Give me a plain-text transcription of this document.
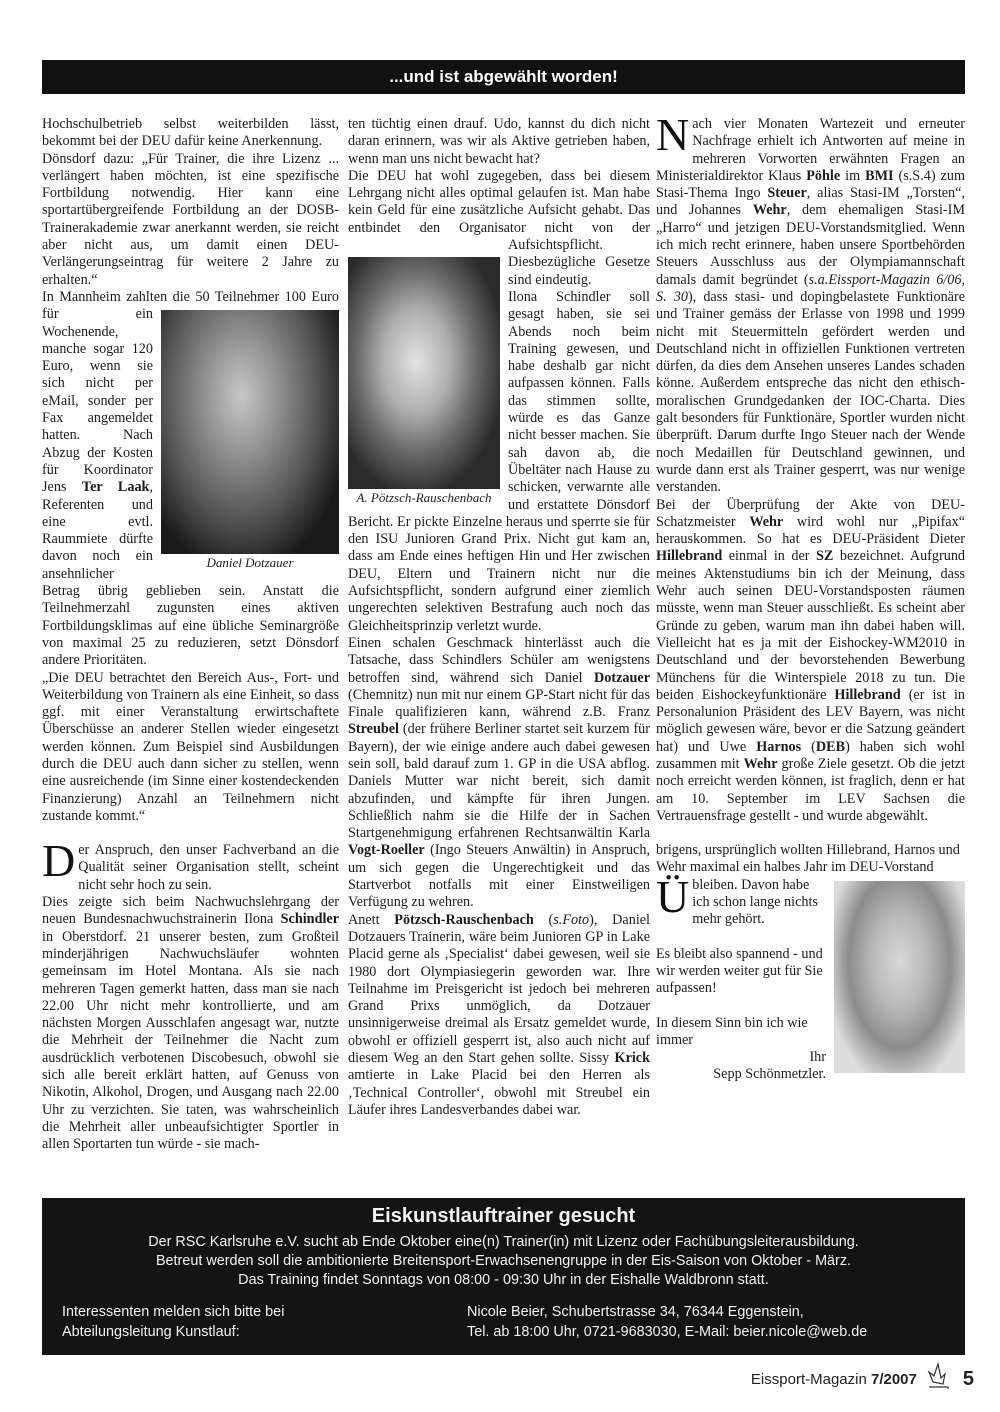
...und ist abgewählt worden!

Hochschulbetrieb selbst weiterbilden lässt, bekommt bei der DEU dafür keine Anerkennung.

Dönsdorf dazu: „Für Trainer, die ihre Lizenz ... verlängert haben möchten, ist eine spezifische Fortbildung notwendig. Hier kann eine sportartübergreifende Fortbildung an der DOSB-Trainerakademie zwar anerkannt werden, sie reicht aber nicht aus, um damit einen DEU- Verlängerungseintrag für weitere 2 Jahre zu erhalten.“

Daniel Dotzauer

In Mannheim zahlten die 50 Teilnehmer 100 Euro für ein Wochenende, manche sogar 120 Euro, wenn sie sich nicht per eMail, sonder per Fax angemeldet hatten. Nach Abzug der Kosten für Koordinator Jens Ter Laak, Referenten und eine evtl. Raummiete dürfte davon noch ein ansehnlicher Betrag übrig geblieben sein. Anstatt die Teilnehmerzahl zugunsten eines aktiven Fortbildungsklimas auf eine übliche Seminargröße von maximal 25 zu reduzieren, setzt Dönsdorf andere Prioritäten.

„Die DEU betrachtet den Bereich Aus-, Fort- und Weiterbildung von Trainern als eine Einheit, so dass ggf. mit einer Veranstaltung erwirtschaftete Überschüsse an anderer Stellen wieder eingesetzt werden können. Zum Beispiel sind Ausbildungen durch die DEU auch dann sicher zu stellen, wenn eine ausreichende (im Sinne einer kostendeckenden Finanzierung) Anzahl an Teilnehmern nicht zustande kommt.“

Der Anspruch, den unser Fachverband an die Qualität seiner Organisation stellt, scheint nicht sehr hoch zu sein.

Dies zeigte sich beim Nachwuchslehrgang der neuen Bundesnachwuchstrainerin Ilona Schindler in Oberstdorf. 21 unserer besten, zum Großteil minderjährigen Nachwuchsläufer wohnten gemeinsam im Hotel Montana. Als sie nach mehreren Tagen gemerkt hatten, dass man sie nach 22.00 Uhr nicht mehr kontrollierte, und am nächsten Morgen Ausschlafen angesagt war, nutzte die Mehrheit der Teilnehmer die Nacht zum ausdrücklich verbotenen Discobesuch, obwohl sie sich alle bereit erklärt hatten, auf Genuss von Nikotin, Alkohol, Drogen, und Ausgang nach 22.00 Uhr zu verzichten. Sie taten, was wahrscheinlich die Mehrheit aller unbeaufsichtigter Sportler in allen Sportarten tun würde - sie mach-

ten tüchtig einen drauf. Udo, kannst du dich nicht daran erinnern, was wir als Aktive getrieben haben, wenn man uns nicht bewacht hat?

A. Pötzsch-Rauschenbach

Die DEU hat wohl zugegeben, dass bei diesem Lehrgang nicht alles optimal gelaufen ist. Man habe kein Geld für eine zusätzliche Aufsicht gehabt. Das entbindet den Organisator nicht von der Aufsichtspflicht. Diesbezügliche Gesetze sind eindeutig.

Ilona Schindler soll gesagt haben, sie sei Abends noch beim Training gewesen, und habe deshalb gar nicht aufpassen können. Falls das stimmen sollte, würde es das Ganze nicht besser machen. Sie sah davon ab, die Übeltäter nach Hause zu schicken, verwarnte alle und erstattete Dönsdorf Bericht. Er pickte Einzelne heraus und sperrte sie für den ISU Junioren Grand Prix. Nicht gut kam an, dass am Ende eines heftigen Hin und Her zwischen DEU, Eltern und Trainern nicht nur die Aufsichtspflicht, sondern aufgrund einer ziemlich ungerechten selektiven Bestrafung auch noch das Gleichheitsprinzip verletzt wurde.

Einen schalen Geschmack hinterlässt auch die Tatsache, dass Schindlers Schüler am wenigstens betroffen sind, während sich Daniel Dotzauer (Chemnitz) nun mit nur einem GP-Start nicht für das Finale qualifizieren kann, während z.B. Franz Streubel (der frühere Berliner startet seit kurzem für Bayern), der wie einige andere auch dabei gewesen sein soll, bald darauf zum 1. GP in die USA abflog. Daniels Mutter war nicht bereit, sich damit abzufinden, und kämpfte für ihren Jungen. Schließlich nahm sie die Hilfe der in Sachen Startgenehmigung erfahrenen Rechtsanwältin Karla Vogt-Roeller (Ingo Steuers Anwältin) in Anspruch, um sich gegen die Ungerechtigkeit und das Startverbot notfalls mit einer Einstweiligen Verfügung zu wehren.

Anett Pötzsch-Rauschenbach (s.Foto), Daniel Dotzauers Trainerin, wäre beim Junioren GP in Lake Placid gerne als ‚Specialist‘ dabei gewesen, weil sie 1980 dort Olympiasiegerin geworden war. Ihre Teilnahme im Preisgericht ist jedoch bei mehreren Grand Prixs unmöglich, da Dotzauer unsinnigerweise dreimal als Ersatz gemeldet wurde, obwohl er offiziell gesperrt ist, also auch nicht auf diesem Weg an den Start gehen sollte. Sissy Krick amtierte in Lake Placid bei den Herren als ‚Technical Controller‘, obwohl mit Streubel ein Läufer ihres Landesverbandes dabei war.

Nach vier Monaten Wartezeit und erneuter Nachfrage erhielt ich Antworten auf meine in mehreren Vorworten erwähnten Fragen an Ministerialdirektor Klaus Pöhle im BMI (s.S.4) zum Stasi-Thema Ingo Steuer, alias Stasi-IM „Torsten“, und Johannes Wehr, dem ehemaligen Stasi-IM „Harro“ und jetzigen DEU-Vorstandsmitglied. Wenn ich mich recht erinnere, haben unsere Sportbehörden Steuers Ausschluss aus der Olympiamannschaft damals damit begründet (s.a.Eissport-Magazin 6/06, S. 30), dass stasi- und dopingbelastete Funktionäre und Trainer gemäss der Erlasse von 1998 und 1999 nicht mit Steuermitteln gefördert werden und Deutschland nicht in offiziellen Funktionen vertreten dürfen, da dies dem Ansehen unseres Landes schaden könne. Außerdem entspreche das nicht den ethisch-moralischen Grundgedanken der IOC-Charta. Dies galt besonders für Funktionäre, Sportler wurden nicht überprüft. Darum durfte Ingo Steuer nach der Wende noch Medaillen für Deutschland gewinnen, und wurde dann erst als Trainer gesperrt, was nur wenige verstanden.

Bei der Überprüfung der Akte von DEU-Schatzmeister Wehr wird wohl nur „Pipifax“ herauskommen. So hat es DEU-Präsident Dieter Hillebrand einmal in der SZ bezeichnet. Aufgrund meines Aktenstudiums bin ich der Meinung, dass Wehr auch seinen DEU-Vorstandsposten räumen müsste, wenn man Steuer ausschließt. Es scheint aber Gründe zu geben, warum man ihn dabei haben will. Vielleicht hat es ja mit der Eishockey-WM2010 in Deutschland und der bevorstehenden Bewerbung Münchens für die Winterspiele 2018 zu tun. Die beiden Eishockeyfunktionäre Hillebrand (er ist in Personalunion Präsident des LEV Bayern, was nicht möglich gewesen wäre, bevor er die Satzung geändert hat) und Uwe Harnos (DEB) haben sich wohl zusammen mit Wehr große Ziele gesetzt. Ob die jetzt noch erreicht werden können, ist fraglich, denn er hat am 10. September im LEV Sachsen die Vertrauensfrage gestellt - und wurde abgewählt.

Ü
brigens, ursprünglich wollten Hillebrand, Harnos und Wehr maximal ein halbes Jahr im DEU-Vorstand bleiben. Davon habe ich schon lange nichts mehr gehört.

Es bleibt also spannend - und wir werden weiter gut für Sie aufpassen!

In diesem Sinn bin ich wie immer

Ihr

Sepp Schönmetzler.

Eiskunstlauftrainer gesucht
Der RSC Karlsruhe e.V. sucht ab Ende Oktober eine(n) Trainer(in) mit Lizenz oder Fachübungsleiterausbildung.
Betreut werden soll die ambitionierte Breitensport-Erwachsenengruppe in der Eis-Saison von Oktober - März.
Das Training findet Sonntags von 08:00 - 09:30 Uhr in der Eishalle Waldbronn statt.
Interessenten melden sich bitte bei
Abteilungsleitung Kunstlauf:
Nicole Beier, Schubertstrasse 34, 76344 Eggenstein,
Tel. ab 18:00 Uhr, 0721-9683030, E-Mail: beier.nicole@web.de
Eissport-Magazin 7/2007 5
